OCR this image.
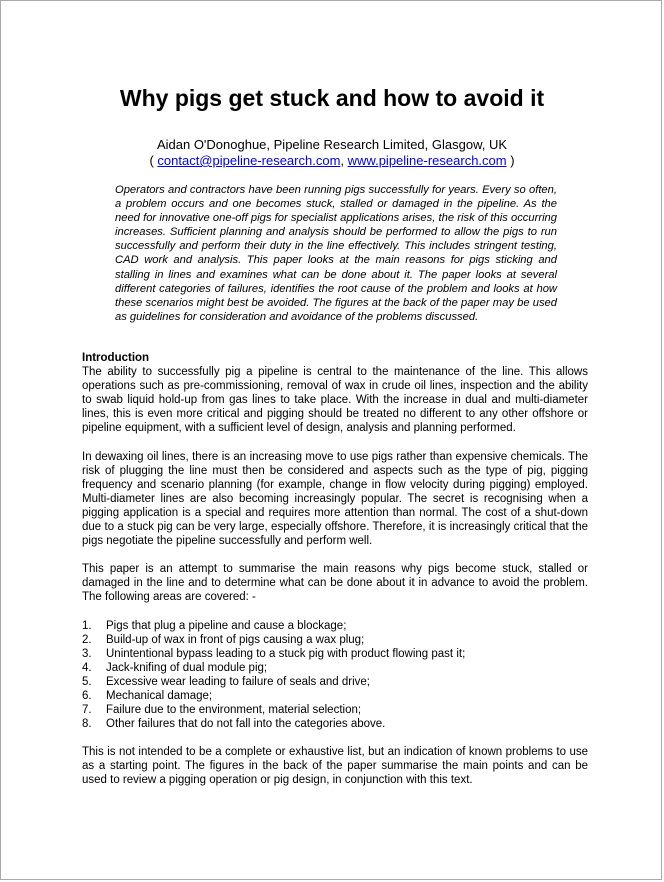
Why pigs get stuck and how to avoid it
Aidan O'Donoghue, Pipeline Research Limited, Glasgow, UK
( contact@pipeline-research.com, www.pipeline-research.com )

Operators and contractors have been running pigs successfully for years. Every so often, a problem occurs and one becomes stuck, stalled or damaged in the pipeline. As the need for innovative one-off pigs for specialist applications arises, the risk of this occurring increases. Sufficient planning and analysis should be performed to allow the pigs to run successfully and perform their duty in the line effectively. This includes stringent testing, CAD work and analysis. This paper looks at the main reasons for pigs sticking and stalling in lines and examines what can be done about it. The paper looks at several different categories of failures, identifies the root cause of the problem and looks at how these scenarios might best be avoided. The figures at the back of the paper may be used as guidelines for consideration and avoidance of the problems discussed.

Introduction

The ability to successfully pig a pipeline is central to the maintenance of the line. This allows operations such as pre-commissioning, removal of wax in crude oil lines, inspection and the ability to swab liquid hold-up from gas lines to take place. With the increase in dual and multi-diameter lines, this is even more critical and pigging should be treated no different to any other offshore or pipeline equipment, with a sufficient level of design, analysis and planning performed.

In dewaxing oil lines, there is an increasing move to use pigs rather than expensive chemicals. The risk of plugging the line must then be considered and aspects such as the type of pig, pigging frequency and scenario planning (for example, change in flow velocity during pigging) employed. Multi-diameter lines are also becoming increasingly popular. The secret is recognising when a pigging application is a special and requires more attention than normal. The cost of a shut-down due to a stuck pig can be very large, especially offshore. Therefore, it is increasingly critical that the pigs negotiate the pipeline successfully and perform well.

This paper is an attempt to summarise the main reasons why pigs become stuck, stalled or damaged in the line and to determine what can be done about it in advance to avoid the problem. The following areas are covered: -

1. Pigs that plug a pipeline and cause a blockage;
2. Build-up of wax in front of pigs causing a wax plug;
3. Unintentional bypass leading to a stuck pig with product flowing past it;
4. Jack-knifing of dual module pig;
5. Excessive wear leading to failure of seals and drive;
6. Mechanical damage;
7. Failure due to the environment, material selection;
8. Other failures that do not fall into the categories above.

This is not intended to be a complete or exhaustive list, but an indication of known problems to use as a starting point. The figures in the back of the paper summarise the main points and can be used to review a pigging operation or pig design, in conjunction with this text.
